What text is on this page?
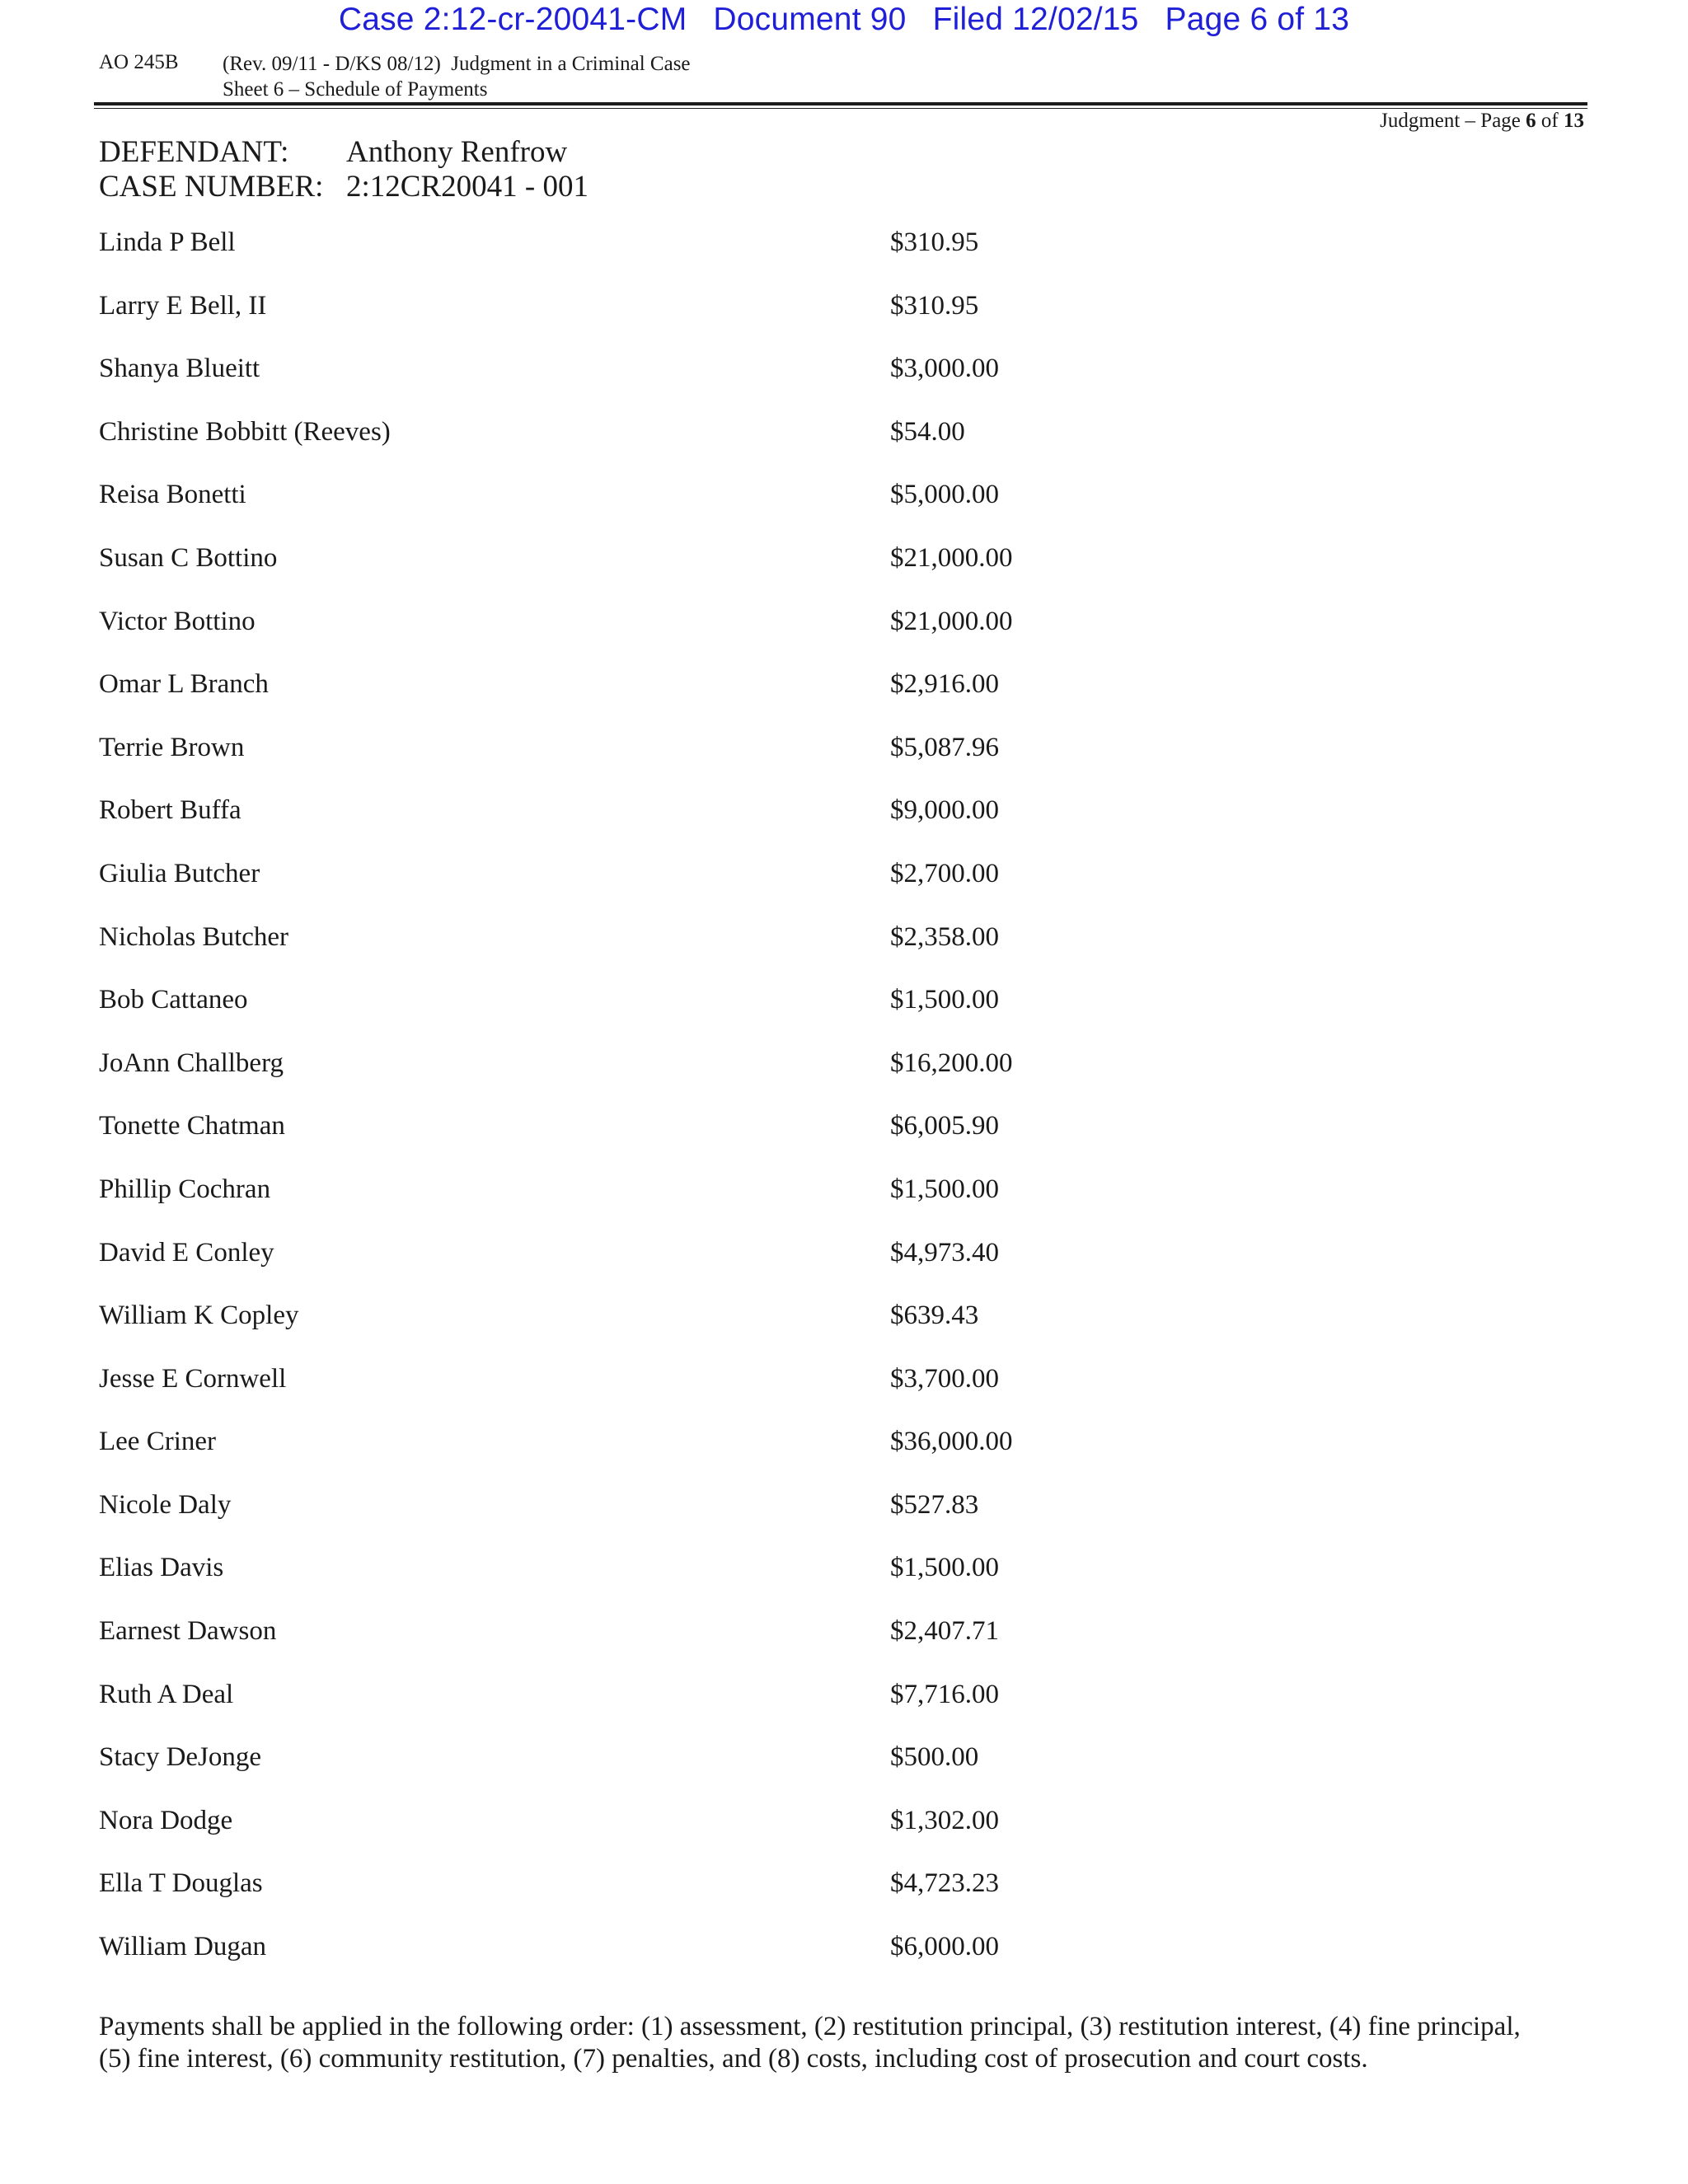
Case 2:12-cr-20041-CM Document 90 Filed 12/02/15 Page 6 of 13
AO 245B (Rev. 09/11 - D/KS 08/12)  Judgment in a Criminal Case
Sheet 6 – Schedule of Payments
Judgment – Page 6 of 13
DEFENDANT: Anthony Renfrow
CASE NUMBER: 2:12CR20041 - 001
Linda P Bell	$310.95
Larry E Bell, II	$310.95
Shanya Blueitt	$3,000.00
Christine Bobbitt (Reeves)	$54.00
Reisa Bonetti	$5,000.00
Susan C Bottino	$21,000.00
Victor Bottino	$21,000.00
Omar L Branch	$2,916.00
Terrie Brown	$5,087.96
Robert Buffa	$9,000.00
Giulia Butcher	$2,700.00
Nicholas Butcher	$2,358.00
Bob Cattaneo	$1,500.00
JoAnn Challberg	$16,200.00
Tonette Chatman	$6,005.90
Phillip Cochran	$1,500.00
David E Conley	$4,973.40
William K Copley	$639.43
Jesse E Cornwell	$3,700.00
Lee Criner	$36,000.00
Nicole Daly	$527.83
Elias Davis	$1,500.00
Earnest Dawson	$2,407.71
Ruth A Deal	$7,716.00
Stacy DeJonge	$500.00
Nora Dodge	$1,302.00
Ella T Douglas	$4,723.23
William Dugan	$6,000.00
Payments shall be applied in the following order: (1) assessment, (2) restitution principal, (3) restitution interest, (4) fine principal,
(5) fine interest, (6) community restitution, (7) penalties, and (8) costs, including cost of prosecution and court costs.
